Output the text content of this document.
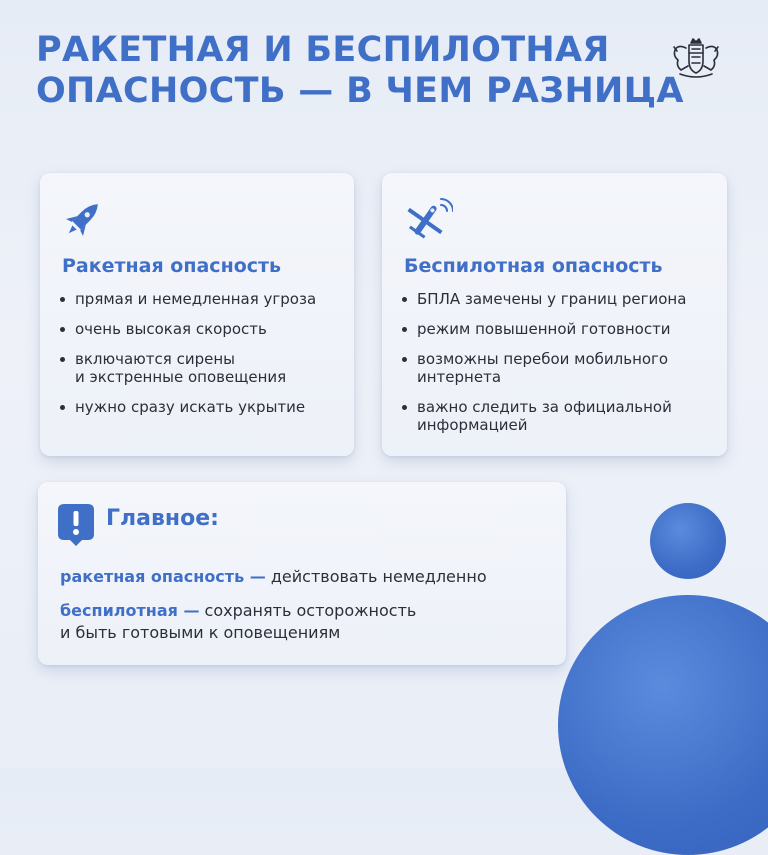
РАКЕТНАЯ И БЕСПИЛОТНАЯ
ОПАСНОСТЬ — В ЧЕМ РАЗНИЦА
Ракетная опасность
прямая и немедленная угроза
очень высокая скорость
включаются сирены
и экстренные оповещения
нужно сразу искать укрытие
Беспилотная опасность
БПЛА замечены у границ региона
режим повышенной готовности
возможны перебои мобильного
интернета
важно следить за официальной
информацией
Главное:

ракетная опасность — действовать немедленно

беспилотная — сохранять осторожность
и быть готовыми к оповещениям
